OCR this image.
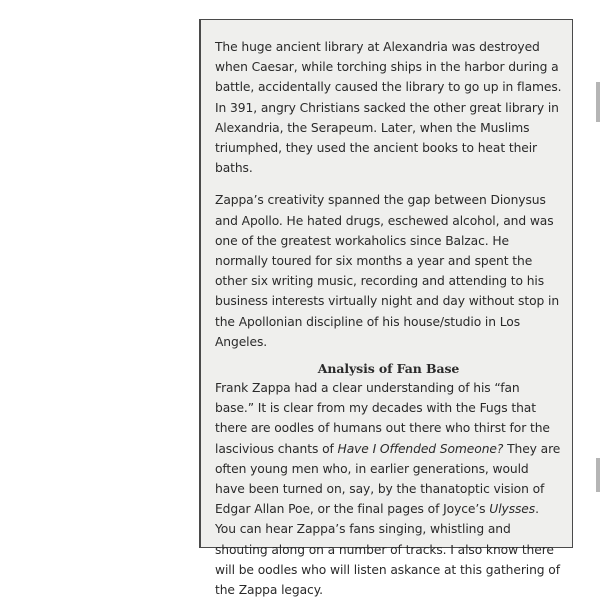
The huge ancient library at Alexandria was destroyed when Caesar, while torching ships in the harbor during a battle, accidentally caused the library to go up in flames. In 391, angry Christians sacked the other great library in Alexandria, the Serapeum. Later, when the Muslims triumphed, they used the ancient books to heat their baths.

Zappa’s creativity spanned the gap between Dionysus and Apollo. He hated drugs, eschewed alcohol, and was one of the greatest workaholics since Balzac. He normally toured for six months a year and spent the other six writing music, recording and attending to his business interests virtually night and day without stop in the Apollonian discipline of his house/studio in Los Angeles.

Analysis of Fan Base

Frank Zappa had a clear understanding of his “fan base.” It is clear from my decades with the Fugs that there are oodles of humans out there who thirst for the lascivious chants of Have I Offended Someone? They are often young men who, in earlier generations, would have been turned on, say, by the thanatoptic vision of Edgar Allan Poe, or the final pages of Joyce’s Ulysses. You can hear Zappa’s fans singing, whistling and shouting along on a number of tracks. I also know there will be oodles who will listen askance at this gathering of the Zappa legacy.
